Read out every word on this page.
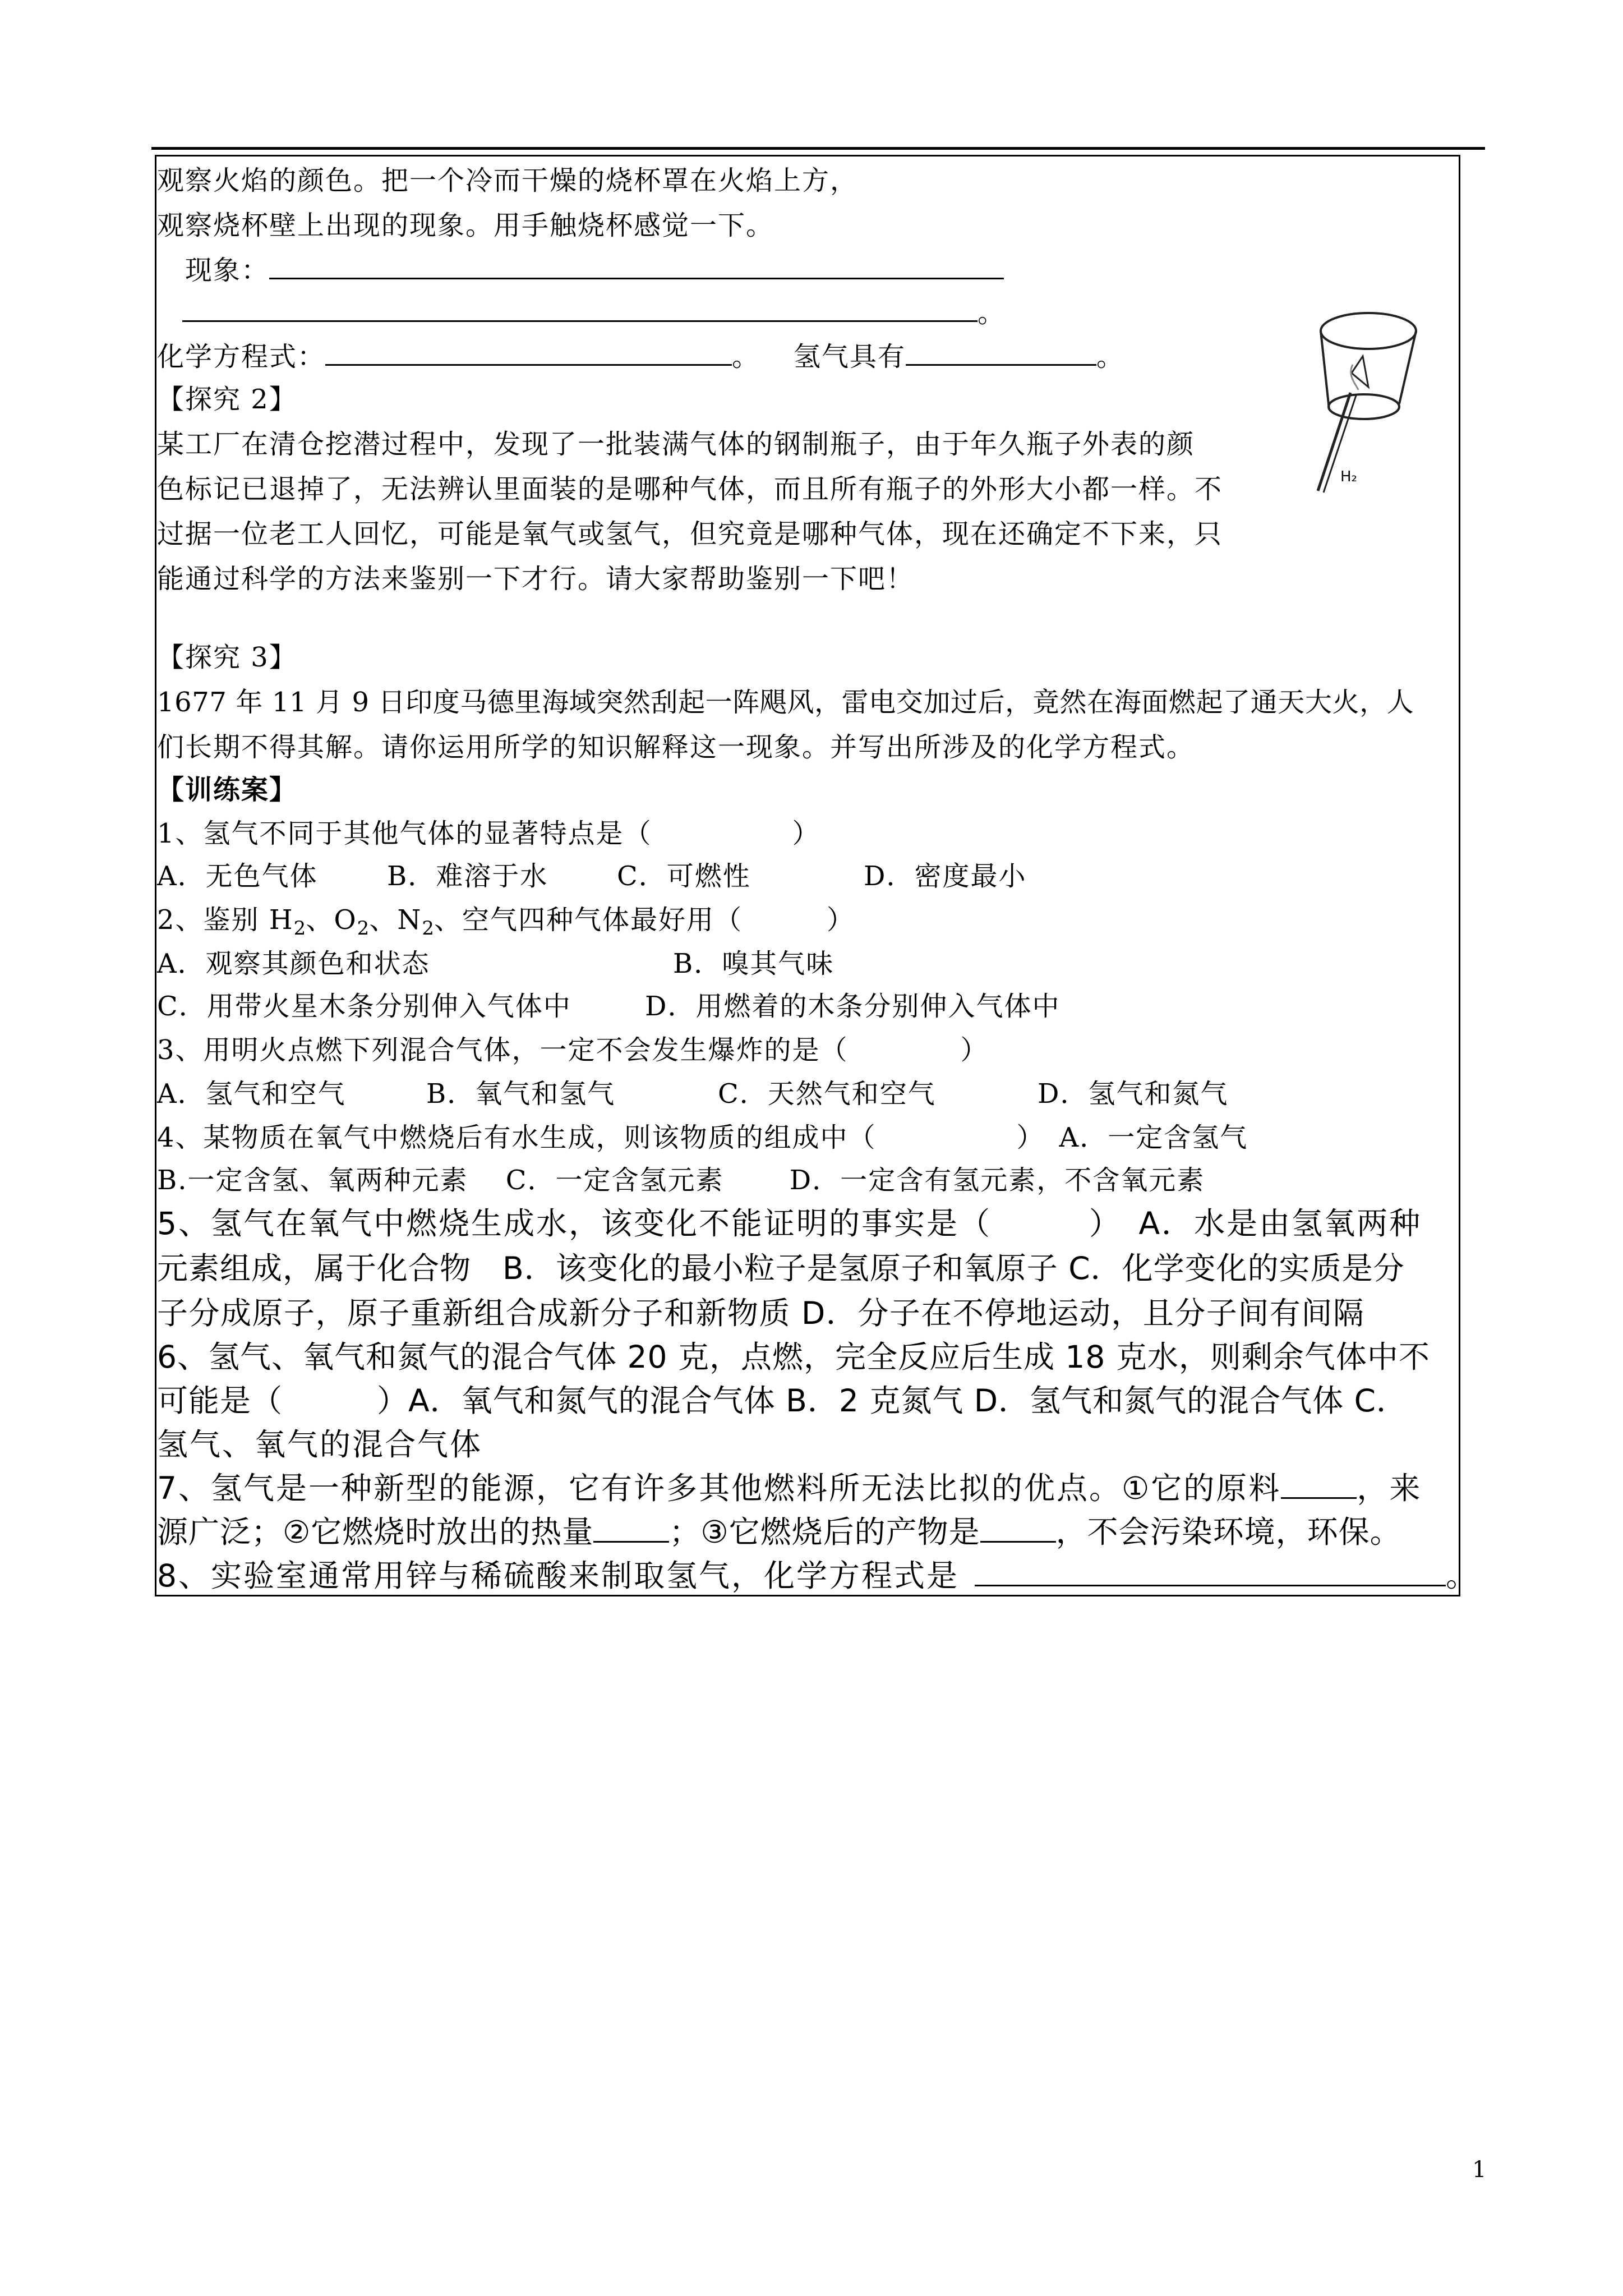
观察火焰的颜色。把一个冷而干燥的烧杯罩在火焰上方，
观察烧杯壁上出现的现象。用手触烧杯感觉一下。
现象：
。
化学方程式：	。 氢气具有	。
H₂
【探究 2】
某工厂在清仓挖潜过程中，发现了一批装满气体的钢制瓶子，由于年久瓶子外表的颜
色标记已退掉了，无法辨认里面装的是哪种气体，而且所有瓶子的外形大小都一样。不
过据一位老工人回忆，可能是氧气或氢气，但究竟是哪种气体，现在还确定不下来，只
能通过科学的方法来鉴别一下才行。请大家帮助鉴别一下吧！
【探究 3】
1677 年 11 月 9 日印度马德里海域突然刮起一阵飓风，雷电交加过后，竟然在海面燃起了通天大火，人
们长期不得其解。请你运用所学的知识解释这一现象。并写出所涉及的化学方程式。
【训练案】
1、氢气不同于其他气体的显著特点是（　　　　　）
A．无色气体	B．难溶于水	C．可燃性	D．密度最小
2、鉴别 $H_2$、$O_2$、$N_2$、空气四种气体最好用（　　　）
A．观察其颜色和状态	B．嗅其气味
C．用带火星木条分别伸入气体中	D．用燃着的木条分别伸入气体中
3、用明火点燃下列混合气体，一定不会发生爆炸的是（　　　　）
A．氢气和空气	B．氧气和氢气	C．天然气和空气	D．氢气和氮气
4、某物质在氧气中燃烧后有水生成，则该物质的组成中（　　　　　）　A．一定含氢气
B.一定含氢、氧两种元素　 C．一定含氢元素　　 D．一定含有氢元素，不含氧元素
5、氢气在氧气中燃烧生成水，该变化不能证明的事实是（　　　）　A．水是由氢氧两种
元素组成，属于化合物　B．该变化的最小粒子是氢原子和氧原子 C．化学变化的实质是分
子分成原子，原子重新组合成新分子和新物质 D．分子在不停地运动，且分子间有间隔
6、氢气、氧气和氮气的混合气体 20 克，点燃，完全反应后生成 18 克水，则剩余气体中不
可能是（　　　）A．氧气和氮气的混合气体 B．2 克氮气 D．氢气和氮气的混合气体 C．
氢气、氧气的混合气体
7、氢气是一种新型的能源，它有许多其他燃料所无法比拟的优点。①它的原料 ，来
源广泛；②它燃烧时放出的热量 ；③它燃烧后的产物是 ，不会污染环境，环保。
8、实验室通常用锌与稀硫酸来制取氢气，化学方程式是	。
1
